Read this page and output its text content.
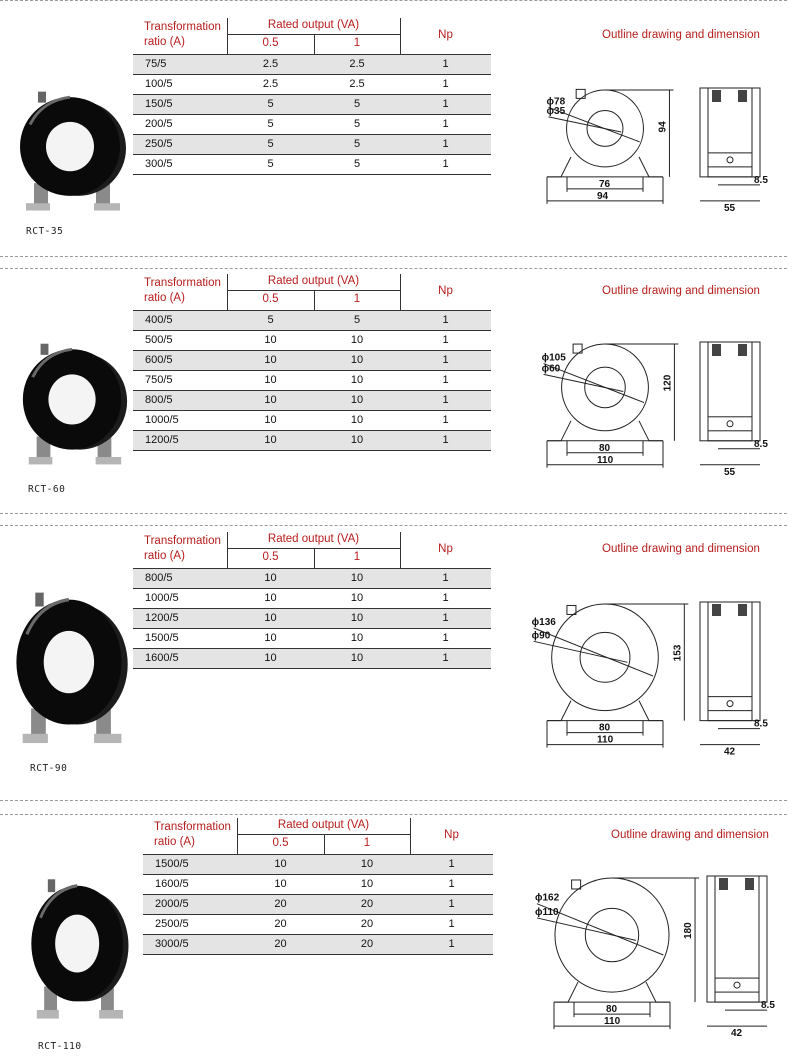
Transformation
ratio (A)
Rated output (VA)
0.5	1
Np
75/5	2.5	2.5	1
100/5	2.5	2.5	1
150/5	5	5	1
200/5	5	5	1
250/5	5	5	1
300/5	5	5	1
Outline drawing and dimension
RCT-35
ϕ78
ϕ35
94
76
94
8.5
55
Transformation
ratio (A)
Rated output (VA)
0.5	1
Np
400/5	5	5	1
500/5	10	10	1
600/5	10	10	1
750/5	10	10	1
800/5	10	10	1
1000/5	10	10	1
1200/5	10	10	1
Outline drawing and dimension
RCT-60
ϕ105
ϕ60
120
80
110
8.5
55
Transformation
ratio (A)
Rated output (VA)
0.5	1
Np
800/5	10	10	1
1000/5	10	10	1
1200/5	10	10	1
1500/5	10	10	1
1600/5	10	10	1
Outline drawing and dimension
RCT-90
ϕ136
ϕ90
153
80
110
8.5
42
Transformation
ratio (A)
Rated output (VA)
0.5	1
Np
1500/5	10	10	1
1600/5	10	10	1
2000/5	20	20	1
2500/5	20	20	1
3000/5	20	20	1
Outline drawing and dimension
RCT-110
ϕ162
ϕ110
180
80
110
8.5
42
